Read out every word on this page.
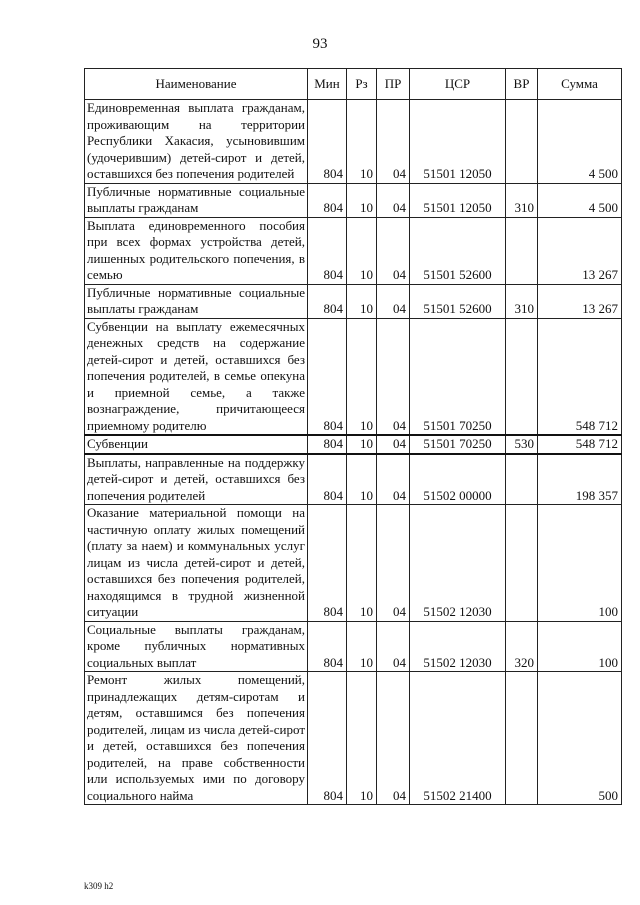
93
Наименование	Мин	Рз	ПР	ЦСР	ВР	Сумма
Единовременная выплата гражданам, проживающим на территории Республики Хакасия, усыновившим (удочерившим) детей-сирот и детей, оставшихся без попечения родителей	804	10	04	51501 12050		4 500
Публичные нормативные социальные выплаты гражданам	804	10	04	51501 12050	310	4 500
Выплата единовременного пособия при всех формах устройства детей, лишенных родительского попечения, в семью	804	10	04	51501 52600		13 267
Публичные нормативные социальные выплаты гражданам	804	10	04	51501 52600	310	13 267
Субвенции на выплату ежемесячных денежных средств на содержание детей-сирот и детей, оставшихся без попечения родителей, в семье опекуна и приемной семье, а также вознаграждение, причитающееся приемному родителю	804	10	04	51501 70250		548 712
Субвенции	804	10	04	51501 70250	530	548 712
Выплаты, направленные на поддержку детей-сирот и детей, оставшихся без попечения родителей	804	10	04	51502 00000		198 357
Оказание материальной помощи на частичную оплату жилых помещений (плату за наем) и коммунальных услуг лицам из числа детей-сирот и детей, оставшихся без попечения родителей, находящимся в трудной жизненной ситуации	804	10	04	51502 12030		100
Социальные выплаты гражданам, кроме публичных нормативных социальных выплат	804	10	04	51502 12030	320	100
Ремонт жилых помещений, принадлежащих детям-сиротам и детям, оставшимся без попечения родителей, лицам из числа детей-сирот и детей, оставшихся без попечения родителей, на праве собственности или используемых ими по договору социального найма	804	10	04	51502 21400		500
k309 h2
